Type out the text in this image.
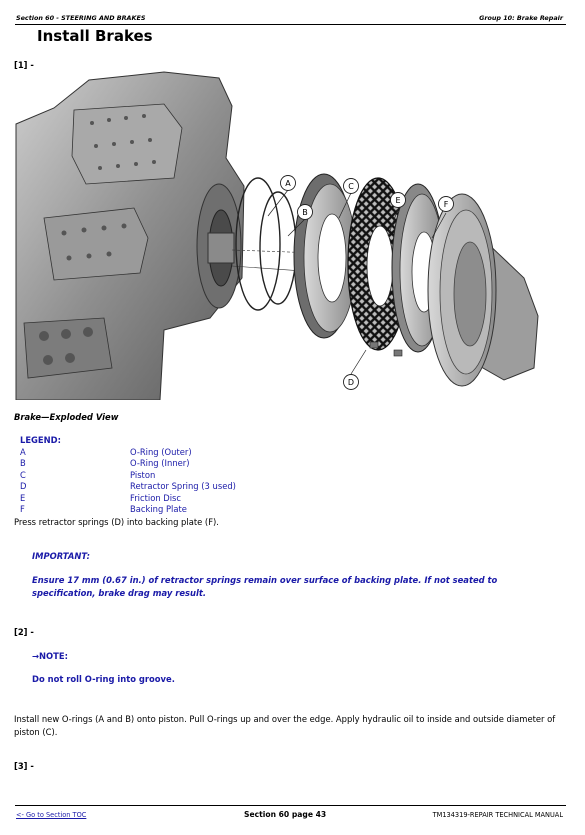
Section 60 - STEERING AND BRAKES	Group 10: Brake Repair
Install Brakes
[1] -
A
B
C
D
E	F
Brake—Exploded View
LEGEND:
A	O-Ring (Outer)
B	O-Ring (Inner)
C	Piston
D	Retractor Spring (3 used)
E	Friction Disc
F	Backing Plate
Press retractor springs (D) into backing plate (F).
IMPORTANT:
Ensure 17 mm (0.67 in.) of retractor springs remain over surface of backing plate. If not seated to specification, brake drag may result.
[2] -
→NOTE:
Do not roll O-ring into groove.
Install new O-rings (A and B) onto piston. Pull O-rings up and over the edge. Apply hydraulic oil to inside and outside diameter of piston (C).
[3] -
<- Go to Section TOC	Section 60 page 43	TM134319-REPAIR TECHNICAL MANUAL
